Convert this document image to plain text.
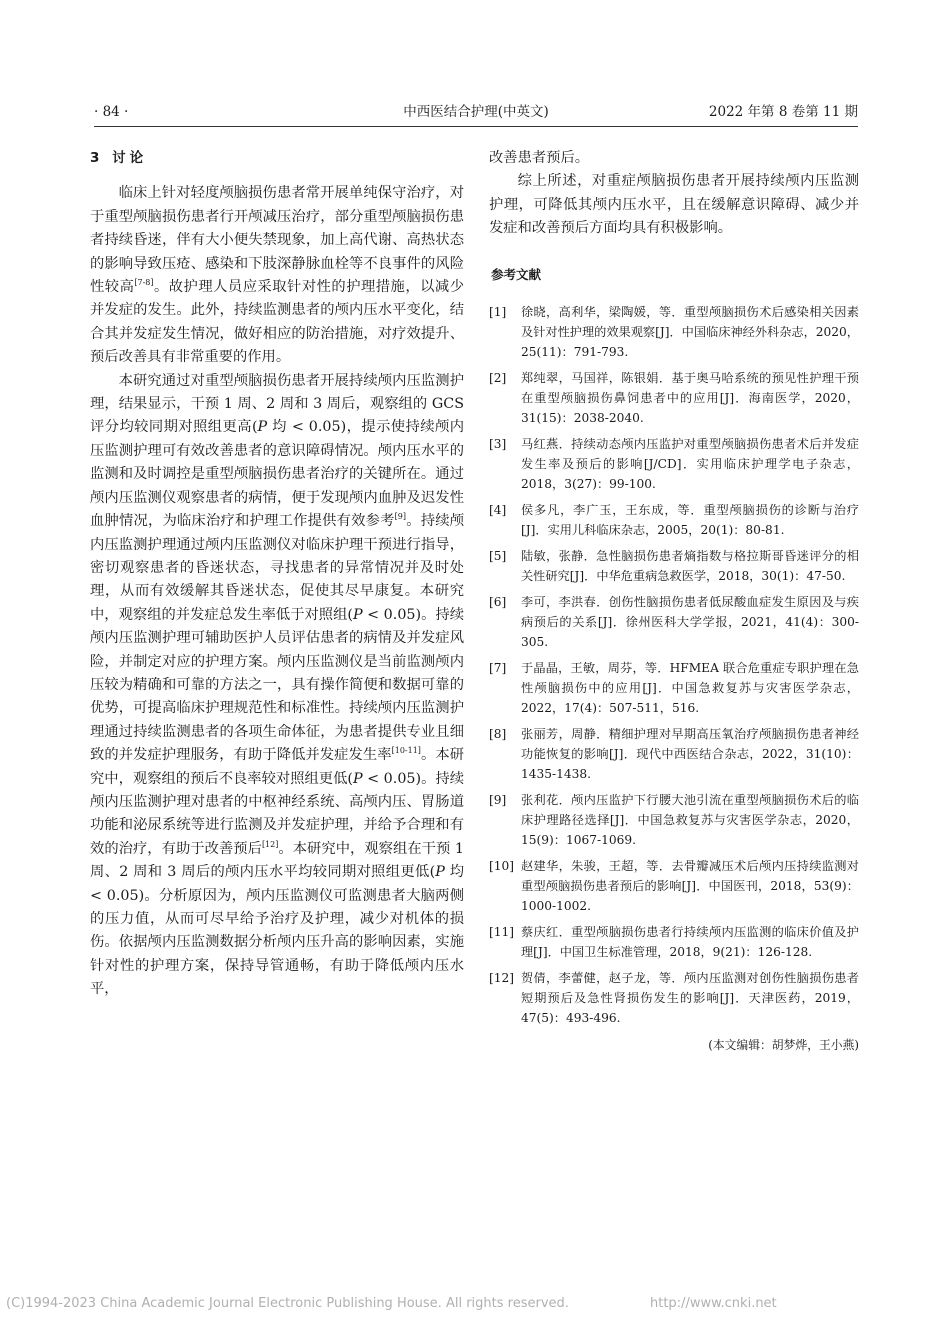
· 84 ·	中西医结合护理(中英文)	2022 年第 8 卷第 11 期

3 讨论

临床上针对轻度颅脑损伤患者常开展单纯保守治疗，对于重型颅脑损伤患者行开颅减压治疗，部分重型颅脑损伤患者持续昏迷，伴有大小便失禁现象，加上高代谢、高热状态的影响导致压疮、感染和下肢深静脉血栓等不良事件的风险性较高[7-8]。故护理人员应采取针对性的护理措施，以减少并发症的发生。此外，持续监测患者的颅内压水平变化，结合其并发症发生情况，做好相应的防治措施，对疗效提升、预后改善具有非常重要的作用。

本研究通过对重型颅脑损伤患者开展持续颅内压监测护理，结果显示，干预 1 周、2 周和 3 周后，观察组的 GCS 评分均较同期对照组更高(P 均 < 0.05)，提示使持续颅内压监测护理可有效改善患者的意识障碍情况。颅内压水平的监测和及时调控是重型颅脑损伤患者治疗的关键所在。通过颅内压监测仪观察患者的病情，便于发现颅内血肿及迟发性血肿情况，为临床治疗和护理工作提供有效参考[9]。持续颅内压监测护理通过颅内压监测仪对临床护理干预进行指导，密切观察患者的昏迷状态，寻找患者的异常情况并及时处理，从而有效缓解其昏迷状态，促使其尽早康复。本研究中，观察组的并发症总发生率低于对照组(P < 0.05)。持续颅内压监测护理可辅助医护人员评估患者的病情及并发症风险，并制定对应的护理方案。颅内压监测仪是当前监测颅内压较为精确和可靠的方法之一，具有操作简便和数据可靠的优势，可提高临床护理规范性和标准性。持续颅内压监测护理通过持续监测患者的各项生命体征，为患者提供专业且细致的并发症护理服务，有助于降低并发症发生率[10-11]。本研究中，观察组的预后不良率较对照组更低(P < 0.05)。持续颅内压监测护理对患者的中枢神经系统、高颅内压、胃肠道功能和泌尿系统等进行监测及并发症护理，并给予合理和有效的治疗，有助于改善预后[12]。本研究中，观察组在干预 1 周、2 周和 3 周后的颅内压水平均较同期对照组更低(P 均 < 0.05)。分析原因为，颅内压监测仪可监测患者大脑两侧的压力值，从而可尽早给予治疗及护理，减少对机体的损伤。依据颅内压监测数据分析颅内压升高的影响因素，实施针对性的护理方案，保持导管通畅，有助于降低颅内压水平，

改善患者预后。

综上所述，对重症颅脑损伤患者开展持续颅内压监测护理，可降低其颅内压水平，且在缓解意识障碍、减少并发症和改善预后方面均具有积极影响。

参考文献
[1] 徐晓，高利华，梁陶媛，等．重型颅脑损伤术后感染相关因素及针对性护理的效果观察[J]．中国临床神经外科杂志，2020，25(11)：791-793.
[2] 郑纯翠，马国祥，陈银娟．基于奥马哈系统的预见性护理干预在重型颅脑损伤鼻饲患者中的应用[J]．海南医学，2020，31(15)：2038-2040.
[3] 马红燕．持续动态颅内压监护对重型颅脑损伤患者术后并发症发生率及预后的影响[J/CD]．实用临床护理学电子杂志，2018，3(27)：99-100.
[4] 侯多凡，李广玉，王东成，等．重型颅脑损伤的诊断与治疗[J]．实用儿科临床杂志，2005，20(1)：80-81.
[5] 陆敏，张静．急性脑损伤患者熵指数与格拉斯哥昏迷评分的相关性研究[J]．中华危重病急救医学，2018，30(1)：47-50.
[6] 李可，李洪春．创伤性脑损伤患者低尿酸血症发生原因及与疾病预后的关系[J]．徐州医科大学学报，2021，41(4)：300-305.
[7] 于晶晶，王敏，周芬，等．HFMEA 联合危重症专职护理在急性颅脑损伤中的应用[J]．中国急救复苏与灾害医学杂志，2022，17(4)：507-511，516.
[8] 张丽芳，周静．精细护理对早期高压氧治疗颅脑损伤患者神经功能恢复的影响[J]．现代中西医结合杂志，2022，31(10)：1435-1438.
[9] 张利花．颅内压监护下行腰大池引流在重型颅脑损伤术后的临床护理路径选择[J]．中国急救复苏与灾害医学杂志，2020，15(9)：1067-1069.
[10] 赵建华，朱骏，王超，等．去骨瓣减压术后颅内压持续监测对重型颅脑损伤患者预后的影响[J]．中国医刊，2018，53(9)：1000-1002.
[11] 蔡庆红．重型颅脑损伤患者行持续颅内压监测的临床价值及护理[J]．中国卫生标准管理，2018，9(21)：126-128.
[12] 贺倩，李蕾健，赵子龙，等．颅内压监测对创伤性脑损伤患者短期预后及急性肾损伤发生的影响[J]．天津医药，2019，47(5)：493-496.
(本文编辑：胡梦烨，王小燕)
(C)1994-2023 China Academic Journal Electronic Publishing House. All rights reserved.	http://www.cnki.net
